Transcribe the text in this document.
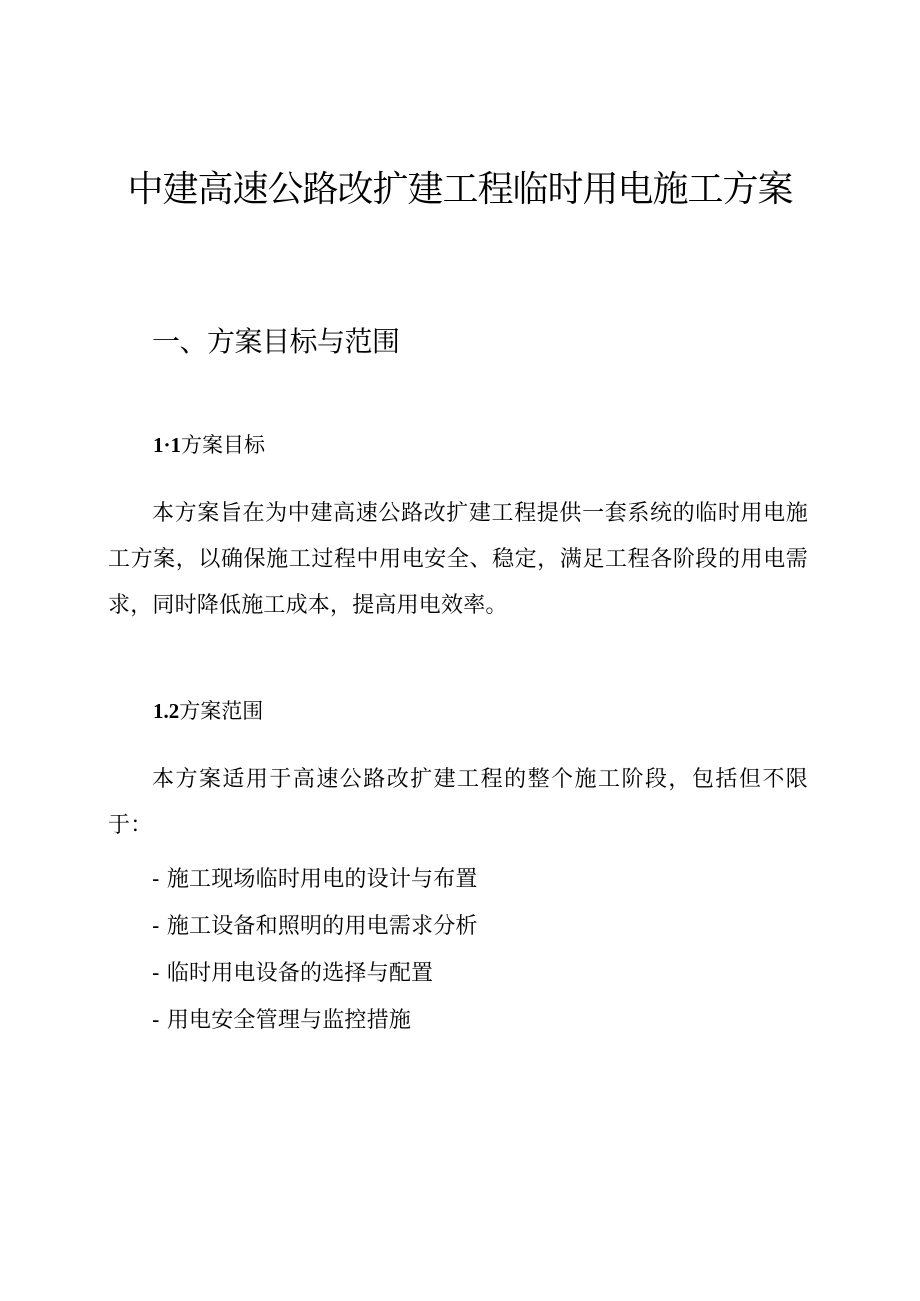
中建高速公路改扩建工程临时用电施工方案
一、方案目标与范围
1·1方案目标

本方案旨在为中建高速公路改扩建工程提供一套系统的临时用电施工方案，以确保施工过程中用电安全、稳定，满足工程各阶段的用电需求，同时降低施工成本，提高用电效率。

1.2方案范围

本方案适用于高速公路改扩建工程的整个施工阶段，包括但不限于：

- 施工现场临时用电的设计与布置
- 施工设备和照明的用电需求分析
- 临时用电设备的选择与配置
- 用电安全管理与监控措施
